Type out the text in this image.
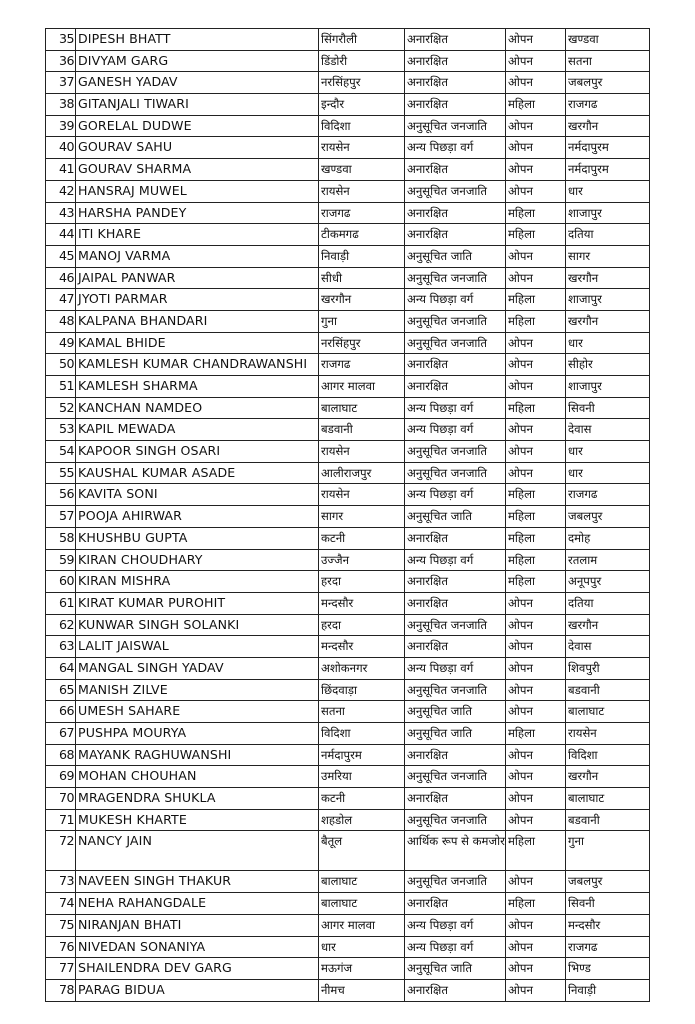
35	DIPESH BHATT	सिंगरौली	अनारक्षित	ओपन	खण्डवा
36	DIVYAM GARG	डिंडोरी	अनारक्षित	ओपन	सतना
37	GANESH YADAV	नरसिंहपुर	अनारक्षित	ओपन	जबलपुर
38	GITANJALI TIWARI	इन्दौर	अनारक्षित	महिला	राजगढ
39	GORELAL DUDWE	विदिशा	अनुसूचित जनजाति	ओपन	खरगौन
40	GOURAV SAHU	रायसेन	अन्य पिछड़ा वर्ग	ओपन	नर्मदापुरम
41	GOURAV SHARMA	खण्डवा	अनारक्षित	ओपन	नर्मदापुरम
42	HANSRAJ MUWEL	रायसेन	अनुसूचित जनजाति	ओपन	धार
43	HARSHA PANDEY	राजगढ	अनारक्षित	महिला	शाजापुर
44	ITI KHARE	टीकमगढ	अनारक्षित	महिला	दतिया
45	MANOJ VARMA	निवाड़ी	अनुसूचित जाति	ओपन	सागर
46	JAIPAL PANWAR	सीधी	अनुसूचित जनजाति	ओपन	खरगौन
47	JYOTI PARMAR	खरगौन	अन्य पिछड़ा वर्ग	महिला	शाजापुर
48	KALPANA BHANDARI	गुना	अनुसूचित जनजाति	महिला	खरगौन
49	KAMAL BHIDE	नरसिंहपुर	अनुसूचित जनजाति	ओपन	धार
50	KAMLESH KUMAR CHANDRAWANSHI	राजगढ	अनारक्षित	ओपन	सीहोर
51	KAMLESH SHARMA	आगर मालवा	अनारक्षित	ओपन	शाजापुर
52	KANCHAN NAMDEO	बालाघाट	अन्य पिछड़ा वर्ग	महिला	सिवनी
53	KAPIL MEWADA	बडवानी	अन्य पिछड़ा वर्ग	ओपन	देवास
54	KAPOOR SINGH OSARI	रायसेन	अनुसूचित जनजाति	ओपन	धार
55	KAUSHAL KUMAR ASADE	आलीराजपुर	अनुसूचित जनजाति	ओपन	धार
56	KAVITA SONI	रायसेन	अन्य पिछड़ा वर्ग	महिला	राजगढ
57	POOJA AHIRWAR	सागर	अनुसूचित जाति	महिला	जबलपुर
58	KHUSHBU GUPTA	कटनी	अनारक्षित	महिला	दमोह
59	KIRAN CHOUDHARY	उज्जैन	अन्य पिछड़ा वर्ग	महिला	रतलाम
60	KIRAN MISHRA	हरदा	अनारक्षित	महिला	अनूपपुर
61	KIRAT KUMAR PUROHIT	मन्दसौर	अनारक्षित	ओपन	दतिया
62	KUNWAR SINGH SOLANKI	हरदा	अनुसूचित जनजाति	ओपन	खरगौन
63	LALIT JAISWAL	मन्दसौर	अनारक्षित	ओपन	देवास
64	MANGAL SINGH YADAV	अशोकनगर	अन्य पिछड़ा वर्ग	ओपन	शिवपुरी
65	MANISH ZILVE	छिंदवाड़ा	अनुसूचित जनजाति	ओपन	बडवानी
66	UMESH SAHARE	सतना	अनुसूचित जाति	ओपन	बालाघाट
67	PUSHPA MOURYA	विदिशा	अनुसूचित जाति	महिला	रायसेन
68	MAYANK RAGHUWANSHI	नर्मदापुरम	अनारक्षित	ओपन	विदिशा
69	MOHAN CHOUHAN	उमरिया	अनुसूचित जनजाति	ओपन	खरगौन
70	MRAGENDRA SHUKLA	कटनी	अनारक्षित	ओपन	बालाघाट
71	MUKESH KHARTE	शहडोल	अनुसूचित जनजाति	ओपन	बडवानी
72	NANCY JAIN	बैतूल	आर्थिक रूप से कमजोर	महिला	गुना
73	NAVEEN SINGH THAKUR	बालाघाट	अनुसूचित जनजाति	ओपन	जबलपुर
74	NEHA RAHANGDALE	बालाघाट	अनारक्षित	महिला	सिवनी
75	NIRANJAN BHATI	आगर मालवा	अन्य पिछड़ा वर्ग	ओपन	मन्दसौर
76	NIVEDAN SONANIYA	धार	अन्य पिछड़ा वर्ग	ओपन	राजगढ
77	SHAILENDRA DEV GARG	मऊगंज	अनुसूचित जाति	ओपन	भिण्ड
78	PARAG BIDUA	नीमच	अनारक्षित	ओपन	निवाड़ी
